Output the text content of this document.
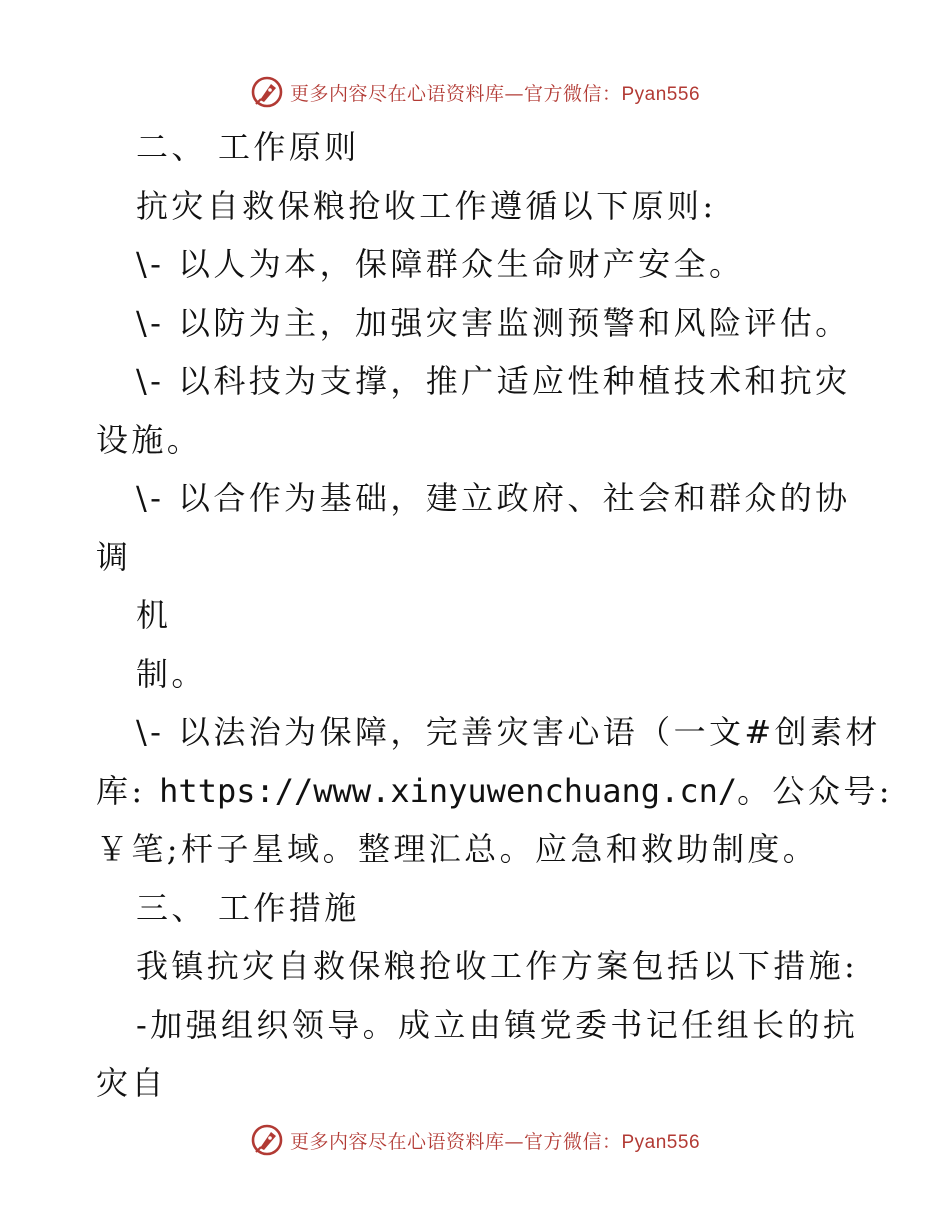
更多内容尽在心语资料库—官方微信：Pyan556

二、 工作原则

抗灾自救保粮抢收工作遵循以下原则:

\- 以人为本，保障群众生命财产安全。

\- 以防为主，加强灾害监测预警和风险评估。

\- 以科技为支撑，推广适应性种植技术和抗灾

设施。

\- 以合作为基础，建立政府、社会和群众的协

调

机

制。

\- 以法治为保障，完善灾害心语（一文#创素材

库: https://www.xinyuwenchuang.cn/。公众号:

￥笔;杆子星域。整理汇总。应急和救助制度。

三、 工作措施

我镇抗灾自救保粮抢收工作方案包括以下措施:

-加强组织领导。成立由镇党委书记任组长的抗

灾自

更多内容尽在心语资料库—官方微信：Pyan556
